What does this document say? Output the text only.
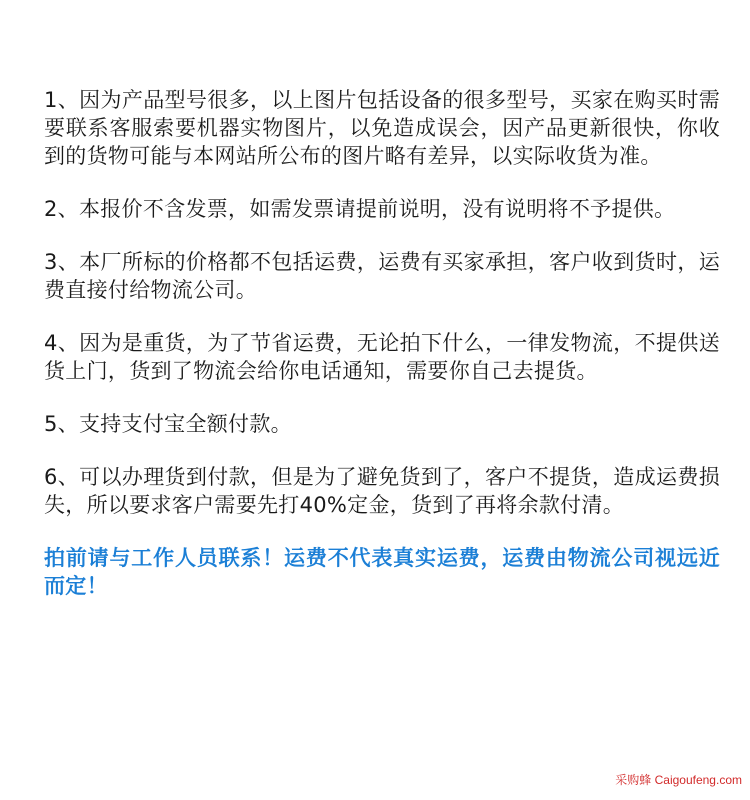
1、因为产品型号很多，以上图片包括设备的很多型号，买家在购买时需要联系客服索要机器实物图片，以免造成误会，因产品更新很快，你收到的货物可能与本网站所公布的图片略有差异，以实际收货为准。

2、本报价不含发票，如需发票请提前说明，没有说明将不予提供。

3、本厂所标的价格都不包括运费，运费有买家承担，客户收到货时，运费直接付给物流公司。

4、因为是重货，为了节省运费，无论拍下什么，一律发物流，不提供送货上门，货到了物流会给你电话通知，需要你自己去提货。

5、支持支付宝全额付款。

6、可以办理货到付款，但是为了避免货到了，客户不提货，造成运费损失，所以要求客户需要先打40%定金，货到了再将余款付清。

拍前请与工作人员联系！运费不代表真实运费，运费由物流公司视远近而定！

采购蜂 Caigoufeng.com
